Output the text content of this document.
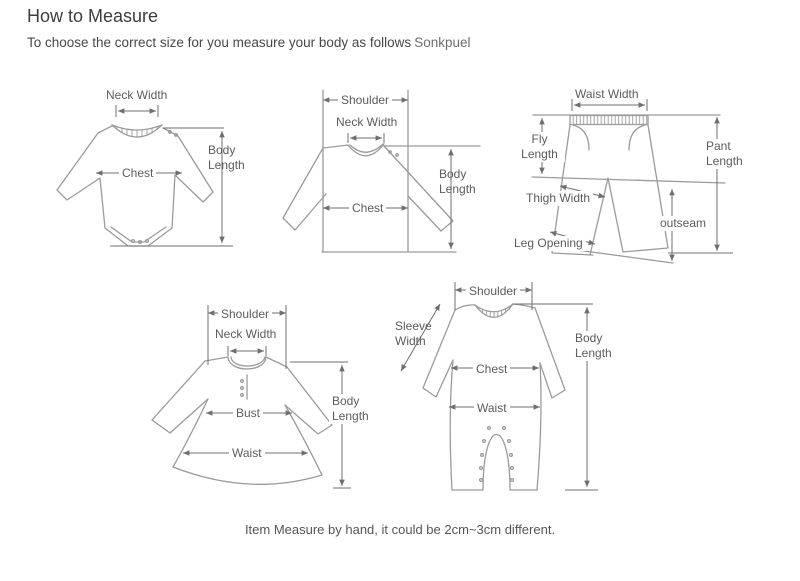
How to Measure
To choose the correct size for you measure your body as follows Sonkpuel
Neck Width
Chest
Body Length
Shoulder
Neck Width
Chest
Body Length
Waist Width
Fly Length
Pant Length
Thigh Width
outseam
Leg Opening
Shoulder
Neck Width
Bust
Waist
Body Length
Shoulder
Sleeve Width
Chest
Waist
Body Length
Item Measure by hand, it could be 2cm~3cm different.
